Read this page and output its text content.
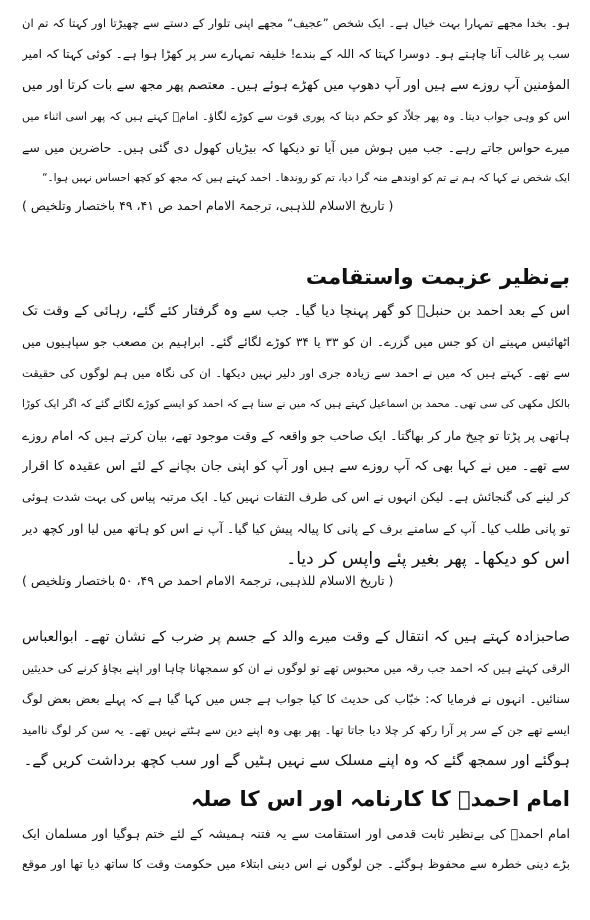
ہو۔ بخدا مجھے تمہارا بہت خیال ہے۔ ایک شخص ”عجیف“ مجھے اپنی تلوار کے دستے سے چھیڑتا اور کہتا کہ تم ان
سب پر غالب آنا چاہتے ہو۔ دوسرا کہتا کہ اللہ کے بندے! خلیفہ تمہارے سر پر کھڑا ہوا ہے۔ کوئی کہتا کہ امیر
المؤمنین آپ روزے سے ہیں اور آپ دھوپ میں کھڑے ہوئے ہیں۔ معتصم پھر مجھ سے بات کرتا اور میں
اس کو وہی جواب دیتا۔ وہ پھر جلاّد کو حکم دیتا کہ پوری قوت سے کوڑے لگاؤ۔ امامؒ کہتے ہیں کہ پھر اسی اثناء میں
میرے حواس جاتے رہے۔ جب میں ہوش میں آیا تو دیکھا کہ بیڑیاں کھول دی گئی ہیں۔ حاضرین میں سے
ایک شخص نے کہا کہ ہم نے تم کو اوندھے منہ گرا دیا، تم کو روندھا۔ احمد کہتے ہیں کہ مجھ کو کچھ احساس نہیں ہوا۔“
( تاریخ الاسلام للذہبی، ترجمۃ الامام احمد ص ۴۱، ۴۹ باختصار وتلخیص )
بےنظیر عزیمت واستقامت
اس کے بعد احمد بن حنبلؒ کو گھر پہنچا دیا گیا۔ جب سے وہ گرفتار کئے گئے، رہائی کے وقت تک
اٹھائیس مہینے ان کو جس میں گزرے۔ ان کو ۳۳ یا ۳۴ کوڑے لگائے گئے۔ ابراہیم بن مصعب جو سپاہیوں میں
سے تھے۔ کہتے ہیں کہ میں نے احمد سے زیادہ جری اور دلیر نہیں دیکھا۔ ان کی نگاہ میں ہم لوگوں کی حقیقت
بالکل مکھی کی سی تھی۔ محمد بن اسماعیل کہتے ہیں کہ میں نے سنا ہے کہ احمد کو ایسے کوڑے لگائے گئے کہ اگر ایک کوڑا
ہاتھی پر پڑتا تو چیخ مار کر بھاگتا۔ ایک صاحب جو واقعہ کے وقت موجود تھے، بیان کرتے ہیں کہ امام روزے
سے تھے۔ میں نے کہا بھی کہ آپ روزے سے ہیں اور آپ کو اپنی جان بچانے کے لئے اس عقیدہ کا اقرار
کر لینے کی گنجائش ہے۔ لیکن انہوں نے اس کی طرف التفات نہیں کیا۔ ایک مرتبہ پیاس کی بہت شدت ہوئی
تو پانی طلب کیا۔ آپ کے سامنے برف کے پانی کا پیالہ پیش کیا گیا۔ آپ نے اس کو ہاتھ میں لیا اور کچھ دیر
اس کو دیکھا۔ پھر بغیر پئے واپس کر دیا۔
( تاریخ الاسلام للذہبی، ترجمۃ الامام احمد ص ۴۹، ۵۰ باختصار وتلخیص )
صاحبزادہ کہتے ہیں کہ انتقال کے وقت میرے والد کے جسم پر ضرب کے نشان تھے۔ ابوالعباس
الرقی کہتے ہیں کہ احمد جب رقہ میں محبوس تھے تو لوگوں نے ان کو سمجھانا چاہا اور اپنے بچاؤ کرنے کی حدیثیں
سنائیں۔ انہوں نے فرمایا کہ: خبّاب کی حدیث کا کیا جواب ہے جس میں کہا گیا ہے کہ پہلے بعض بعض لوگ
ایسے تھے جن کے سر پر آرا رکھ کر چلا دیا جاتا تھا۔ پھر بھی وہ اپنے دین سے ہٹتے نہیں تھے۔ یہ سن کر لوگ ناامید
ہوگئے اور سمجھ گئے کہ وہ اپنے مسلک سے نہیں ہٹیں گے اور سب کچھ برداشت کریں گے۔
امام احمدؒ کا کارنامہ اور اس کا صلہ
امام احمدؒ کی بےنظیر ثابت قدمی اور استقامت سے یہ فتنہ ہمیشہ کے لئے ختم ہوگیا اور مسلمان ایک
بڑے دینی خطرہ سے محفوظ ہوگئے۔ جن لوگوں نے اس دینی ابتلاء میں حکومت وقت کا ساتھ دیا تھا اور موقع
